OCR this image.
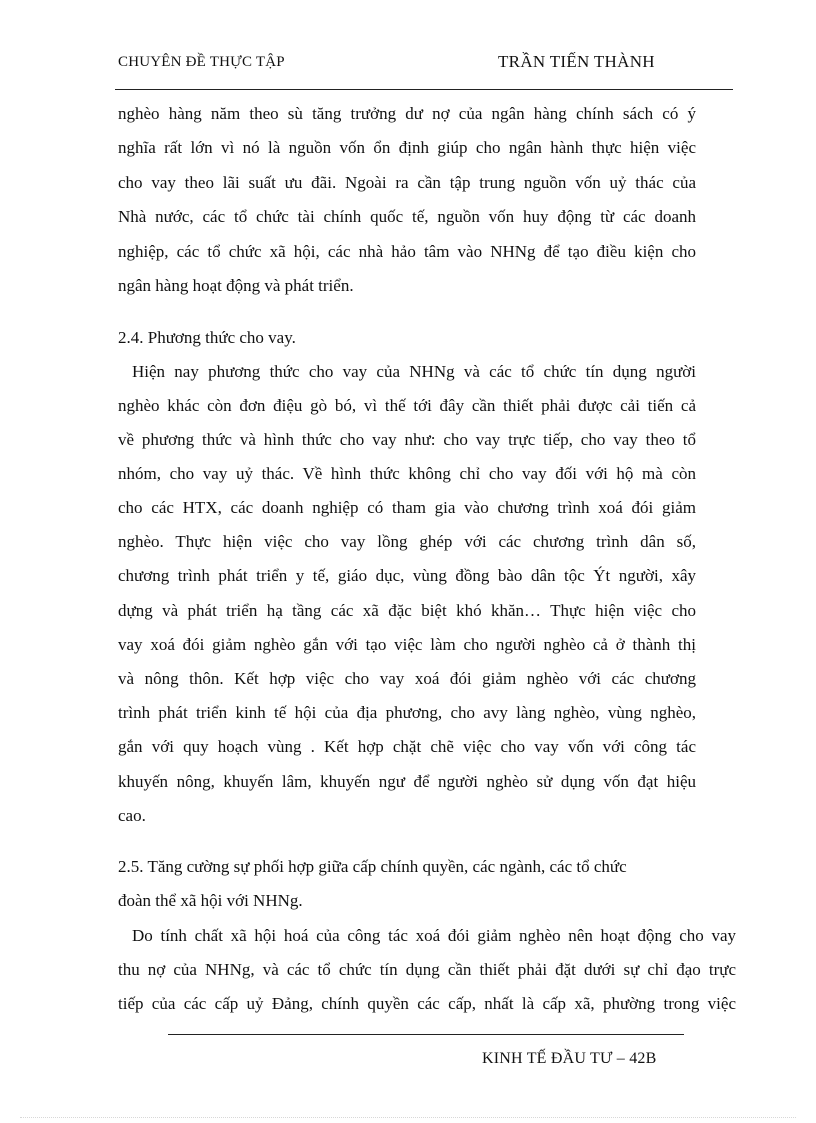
CHUYÊN ĐỀ THỰC TẬP	TRẦN TIẾN THÀNH
nghèo hàng năm theo sù tăng trưởng dư nợ của ngân hàng chính sách có ý
nghĩa rất lớn vì nó là nguồn vốn ổn định giúp cho ngân hành thực hiện việc
cho vay theo lãi suất ưu đãi. Ngoài ra cần tập trung nguồn vốn uỷ thác của
Nhà nước, các tổ chức tài chính quốc tế, nguồn vốn huy động từ các doanh
nghiệp, các tổ chức xã hội, các nhà hảo tâm vào NHNg để tạo điều kiện cho
ngân hàng hoạt động và phát triển.
2.4. Phương thức cho vay.
Hiện nay phương thức cho vay của NHNg và các tổ chức tín dụng người
nghèo khác còn đơn điệu gò bó, vì thế tới đây cần thiết phải được cải tiến cả
về phương thức và hình thức cho vay như: cho vay trực tiếp, cho vay theo tổ
nhóm, cho vay uỷ thác. Về hình thức không chỉ cho vay đối với hộ mà còn
cho các HTX, các doanh nghiệp có tham gia vào chương trình xoá đói giảm
nghèo. Thực hiện việc cho vay lồng ghép với các chương trình dân số,
chương trình phát triển y tế, giáo dục, vùng đồng bào dân tộc Ýt người, xây
dựng và phát triển hạ tầng các xã đặc biệt khó khăn… Thực hiện việc cho
vay xoá đói giảm nghèo gắn với tạo việc làm cho người nghèo cả ở thành thị
và nông thôn. Kết hợp việc cho vay xoá đói giảm nghèo với các chương
trình phát triển kinh tế hội của địa phương, cho avy làng nghèo, vùng nghèo,
gắn với quy hoạch vùng . Kết hợp chặt chẽ việc cho vay vốn với công tác
khuyến nông, khuyến lâm, khuyến ngư để người nghèo sử dụng vốn đạt hiệu
cao.
2.5. Tăng cường sự phối hợp giữa cấp chính quyền, các ngành, các tổ chức
đoàn thể xã hội với NHNg.
Do tính chất xã hội hoá của công tác xoá đói giảm nghèo nên hoạt động cho vay
thu nợ của NHNg, và các tổ chức tín dụng cần thiết phải đặt dưới sự chỉ đạo trực
tiếp của các cấp uỷ Đảng, chính quyền các cấp, nhất là cấp xã, phường trong việc
KINH TẾ ĐẦU TƯ – 42B
